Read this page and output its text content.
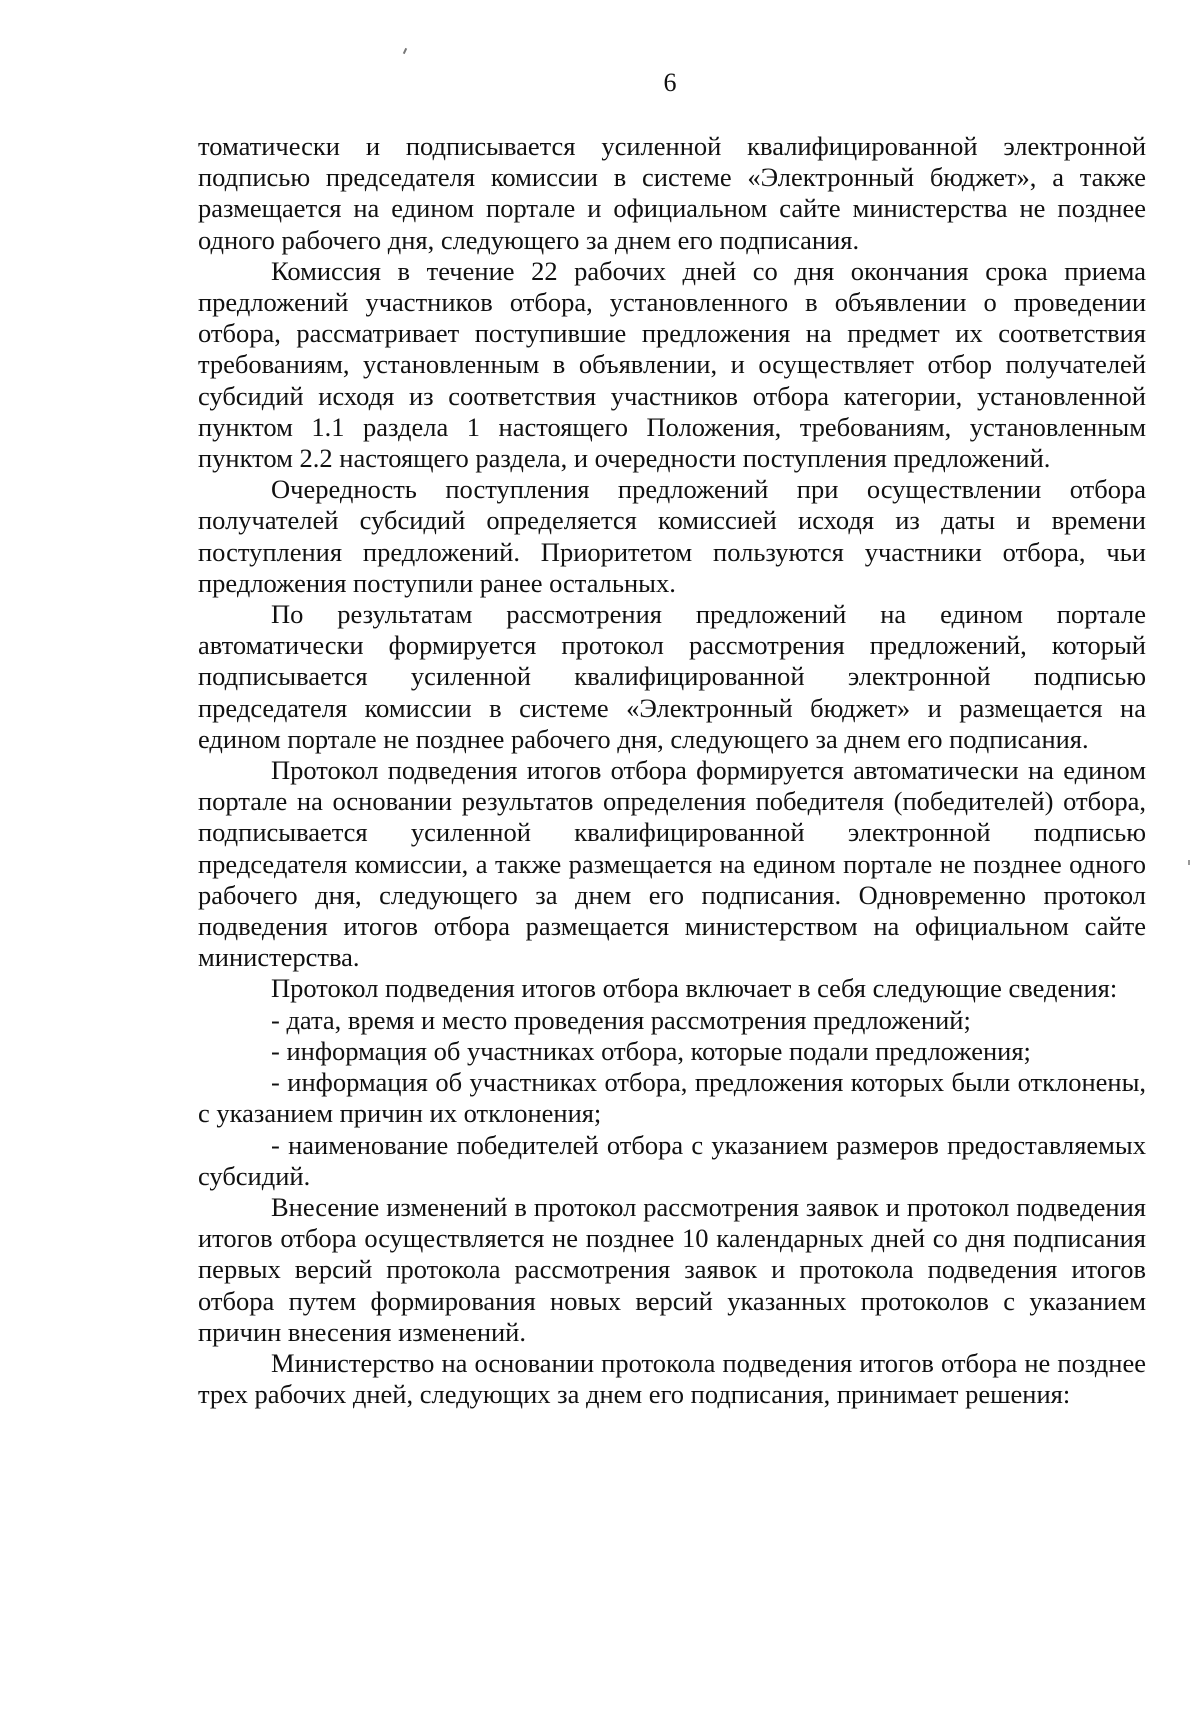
6

томатически и подписывается усиленной квалифицированной электронной подписью председателя комиссии в системе «Электронный бюджет», а также размещается на едином портале и официальном сайте министерства не позднее одного рабочего дня, следующего за днем его подписания.

Комиссия в течение 22 рабочих дней со дня окончания срока приема предложений участников отбора, установленного в объявлении о проведении отбора, рассматривает поступившие предложения на предмет их соответствия требованиям, установленным в объявлении, и осуществляет отбор получателей субсидий исходя из соответствия участников отбора категории, установленной пунктом 1.1 раздела 1 настоящего Положения, требованиям, установленным пунктом 2.2 настоящего раздела, и очередности поступления предложений.

Очередность поступления предложений при осуществлении отбора получателей субсидий определяется комиссией исходя из даты и времени поступления предложений. Приоритетом пользуются участники отбора, чьи предложения поступили ранее остальных.

По результатам рассмотрения предложений на едином портале автоматически формируется протокол рассмотрения предложений, который подписывается усиленной квалифицированной электронной подписью председателя комиссии в системе «Электронный бюджет» и размещается на едином портале не позднее рабочего дня, следующего за днем его подписания.

Протокол подведения итогов отбора формируется автоматически на едином портале на основании результатов определения победителя (победителей) отбора, подписывается усиленной квалифицированной электронной подписью председателя комиссии, а также размещается на едином портале не позднее одного рабочего дня, следующего за днем его подписания. Одновременно протокол подведения итогов отбора размещается министерством на официальном сайте министерства.

Протокол подведения итогов отбора включает в себя следующие сведения:

- дата, время и место проведения рассмотрения предложений;
- информация об участниках отбора, которые подали предложения;
- информация об участниках отбора, предложения которых были отклонены, с указанием причин их отклонения;
- наименование победителей отбора с указанием размеров предоставляемых субсидий.

Внесение изменений в протокол рассмотрения заявок и протокол подведения итогов отбора осуществляется не позднее 10 календарных дней со дня подписания первых версий протокола рассмотрения заявок и протокола подведения итогов отбора путем формирования новых версий указанных протоколов с указанием причин внесения изменений.

Министерство на основании протокола подведения итогов отбора не позднее трех рабочих дней, следующих за днем его подписания, принимает решения:
